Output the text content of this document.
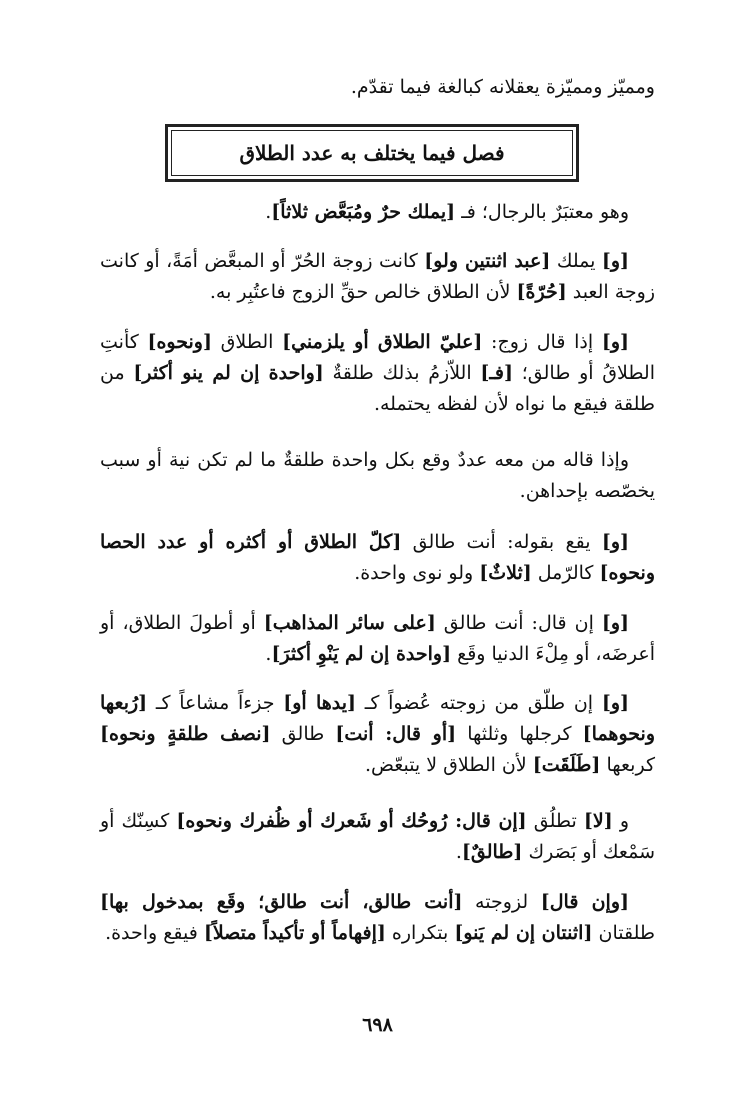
ومميّز ومميّزة يعقلانه كبالغة فيما تقدّم.

فصل فيما يختلف به عدد الطلاق

وهو معتبَرٌ بالرجال؛ فـ [يملك حرٌ ومُبَعَّض ثلاثاً].

[و] يملك [عبد اثنتين ولو] كانت زوجة الحُرّ أو المبعَّض أمَةً، أو كانت زوجة العبد [حُرّةً] لأن الطلاق خالص حقِّ الزوج فاعتُبِر به.

[و] إذا قال زوج: [عليّ الطلاق أو يلزمني] الطلاق [ونحوه] كأنتِ الطلاقُ أو طالق؛ [فـ] اللاّزمُ بذلك طلقةٌ [واحدة إن لم ينو أكثر] من طلقة فيقع ما نواه لأن لفظه يحتمله.

وإذا قاله من معه عددٌ وقع بكل واحدة طلقةٌ ما لم تكن نية أو سبب يخصّصه بإحداهن.

[و] يقع بقوله: أنت طالق [كلّ الطلاق أو أكثره أو عدد الحصا ونحوه] كالرّمل [ثلاثٌ] ولو نوى واحدة.

[و] إن قال: أنت طالق [على سائر المذاهب] أو أطولَ الطلاق، أو أعرضَه، أو مِلْءَ الدنيا وقَع [واحدة إن لم يَنْوِ أكثرَ].

[و] إن طلّق من زوجته عُضواً كـ [يدها أو] جزءاً مشاعاً كـ [رُبعها ونحوهما] كرجلها وثلثها [أو قال: أنت] طالق [نصف طلقةٍ ونحوه] كربعها [طَلَقَت] لأن الطلاق لا يتبعّض.

و [لا] تطلُق [إن قال: رُوحُك أو شَعرك أو ظُفرك ونحوه] كسِنّك أو سَمْعك أو بَصَرك [طالقٌ].

[وإن قال] لزوجته [أنت طالق، أنت طالق؛ وقَع بمدخول بها] طلقتان [اثنتان إن لم يَنو] بتكراره [إفهاماً أو تأكيداً متصلاً] فيقع واحدة.

٦٩٨
